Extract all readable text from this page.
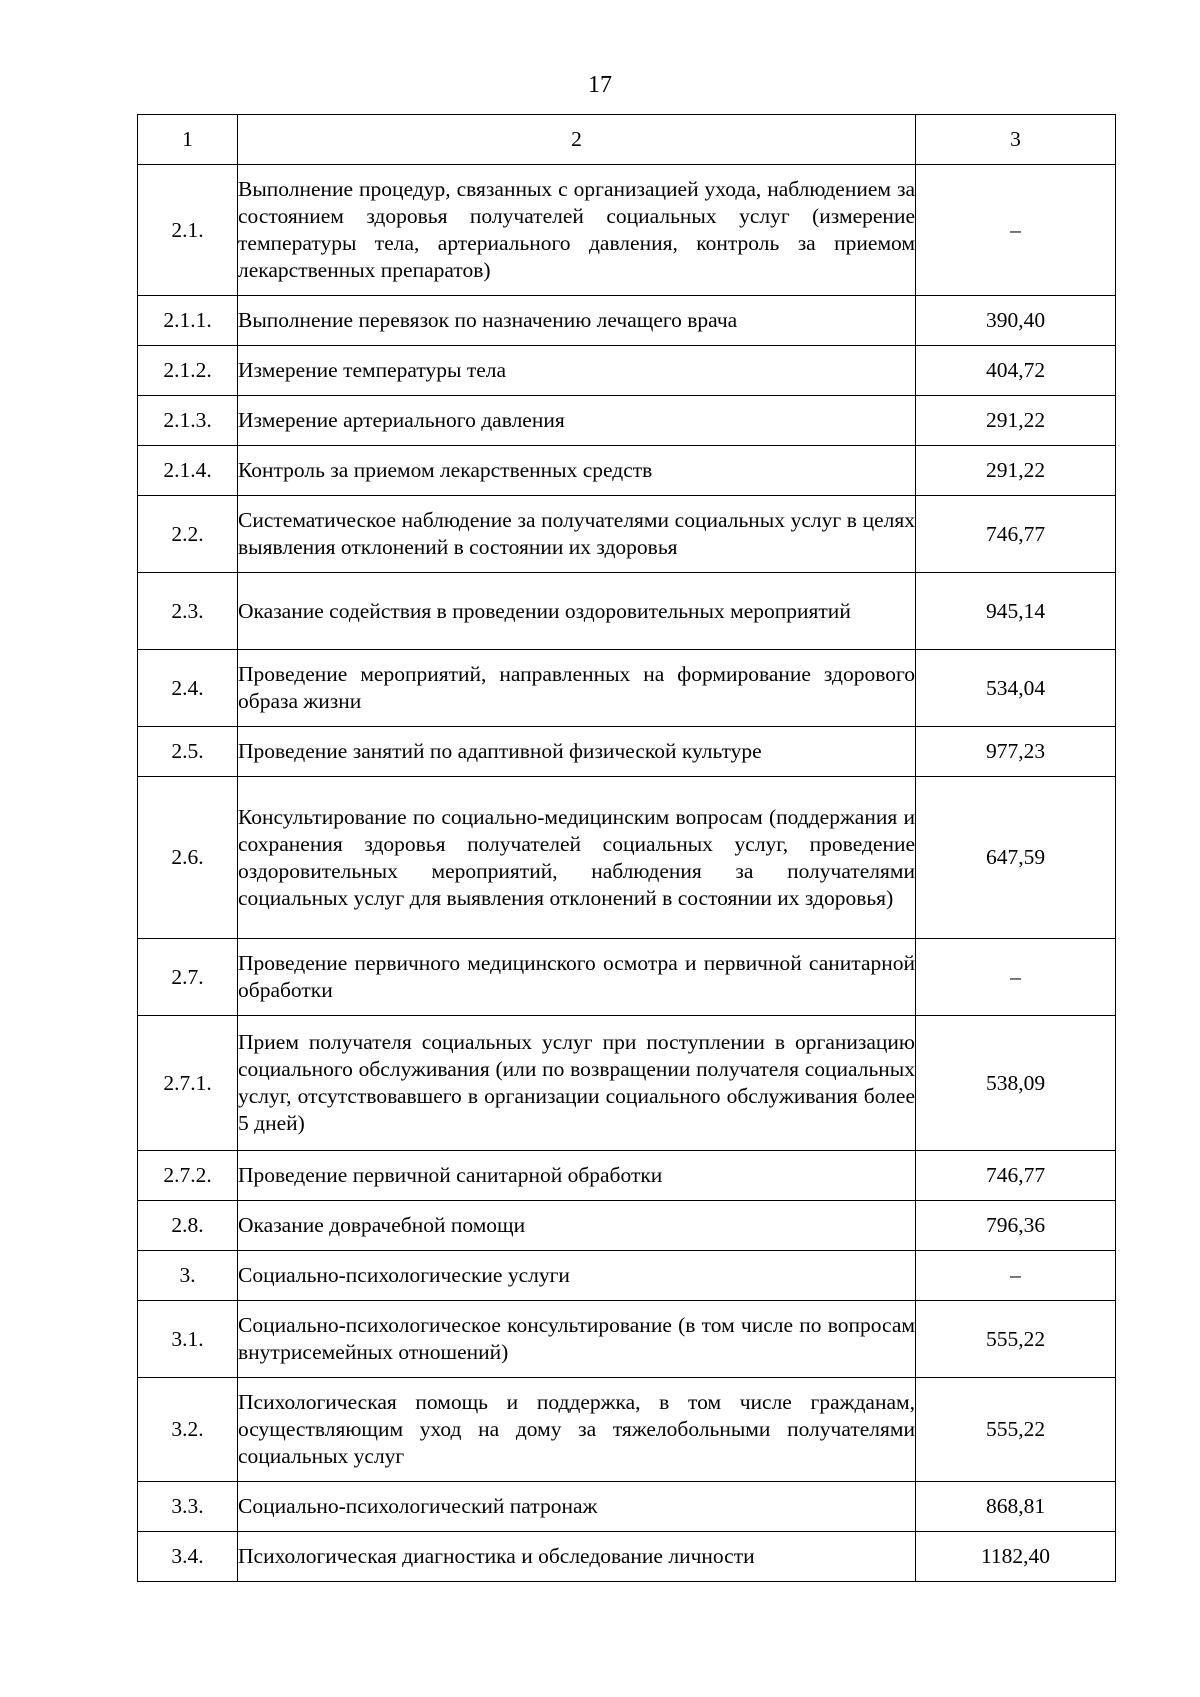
17
1	2	3
2.1.	Выполнение процедур, связанных с организацией ухода, наблюдением за состоянием здоровья получателей социальных услуг (измерение температуры тела, артериального давления, контроль за приемом лекарственных препаратов)	–
2.1.1.	Выполнение перевязок по назначению лечащего врача	390,40
2.1.2.	Измерение температуры тела	404,72
2.1.3.	Измерение артериального давления	291,22
2.1.4.	Контроль за приемом лекарственных средств	291,22
2.2.	Систематическое наблюдение за получателями социальных услуг в целях выявления отклонений в состоянии их здоровья	746,77
2.3.	Оказание содействия в проведении оздоровительных мероприятий	945,14
2.4.	Проведение мероприятий, направленных на формирование здорового образа жизни	534,04
2.5.	Проведение занятий по адаптивной физической культуре	977,23
2.6.	Консультирование по социально-медицинским вопросам (поддержания и сохранения здоровья получателей социальных услуг, проведение оздоровительных мероприятий, наблюдения за получателями социальных услуг для выявления отклонений в состоянии их здоровья)	647,59
2.7.	Проведение первичного медицинского осмотра и первичной санитарной обработки	–
2.7.1.	Прием получателя социальных услуг при поступлении в организацию социального обслуживания (или по возвращении получателя социальных услуг, отсутствовавшего в организации социального обслуживания более 5 дней)	538,09
2.7.2.	Проведение первичной санитарной обработки	746,77
2.8.	Оказание доврачебной помощи	796,36
3.	Социально-психологические услуги	–
3.1.	Социально-психологическое консультирование (в том числе по вопросам внутрисемейных отношений)	555,22
3.2.	Психологическая помощь и поддержка, в том числе гражданам, осуществляющим уход на дому за тяжелобольными получателями социальных услуг	555,22
3.3.	Социально-психологический патронаж	868,81
3.4.	Психологическая диагностика и обследование личности	1182,40
